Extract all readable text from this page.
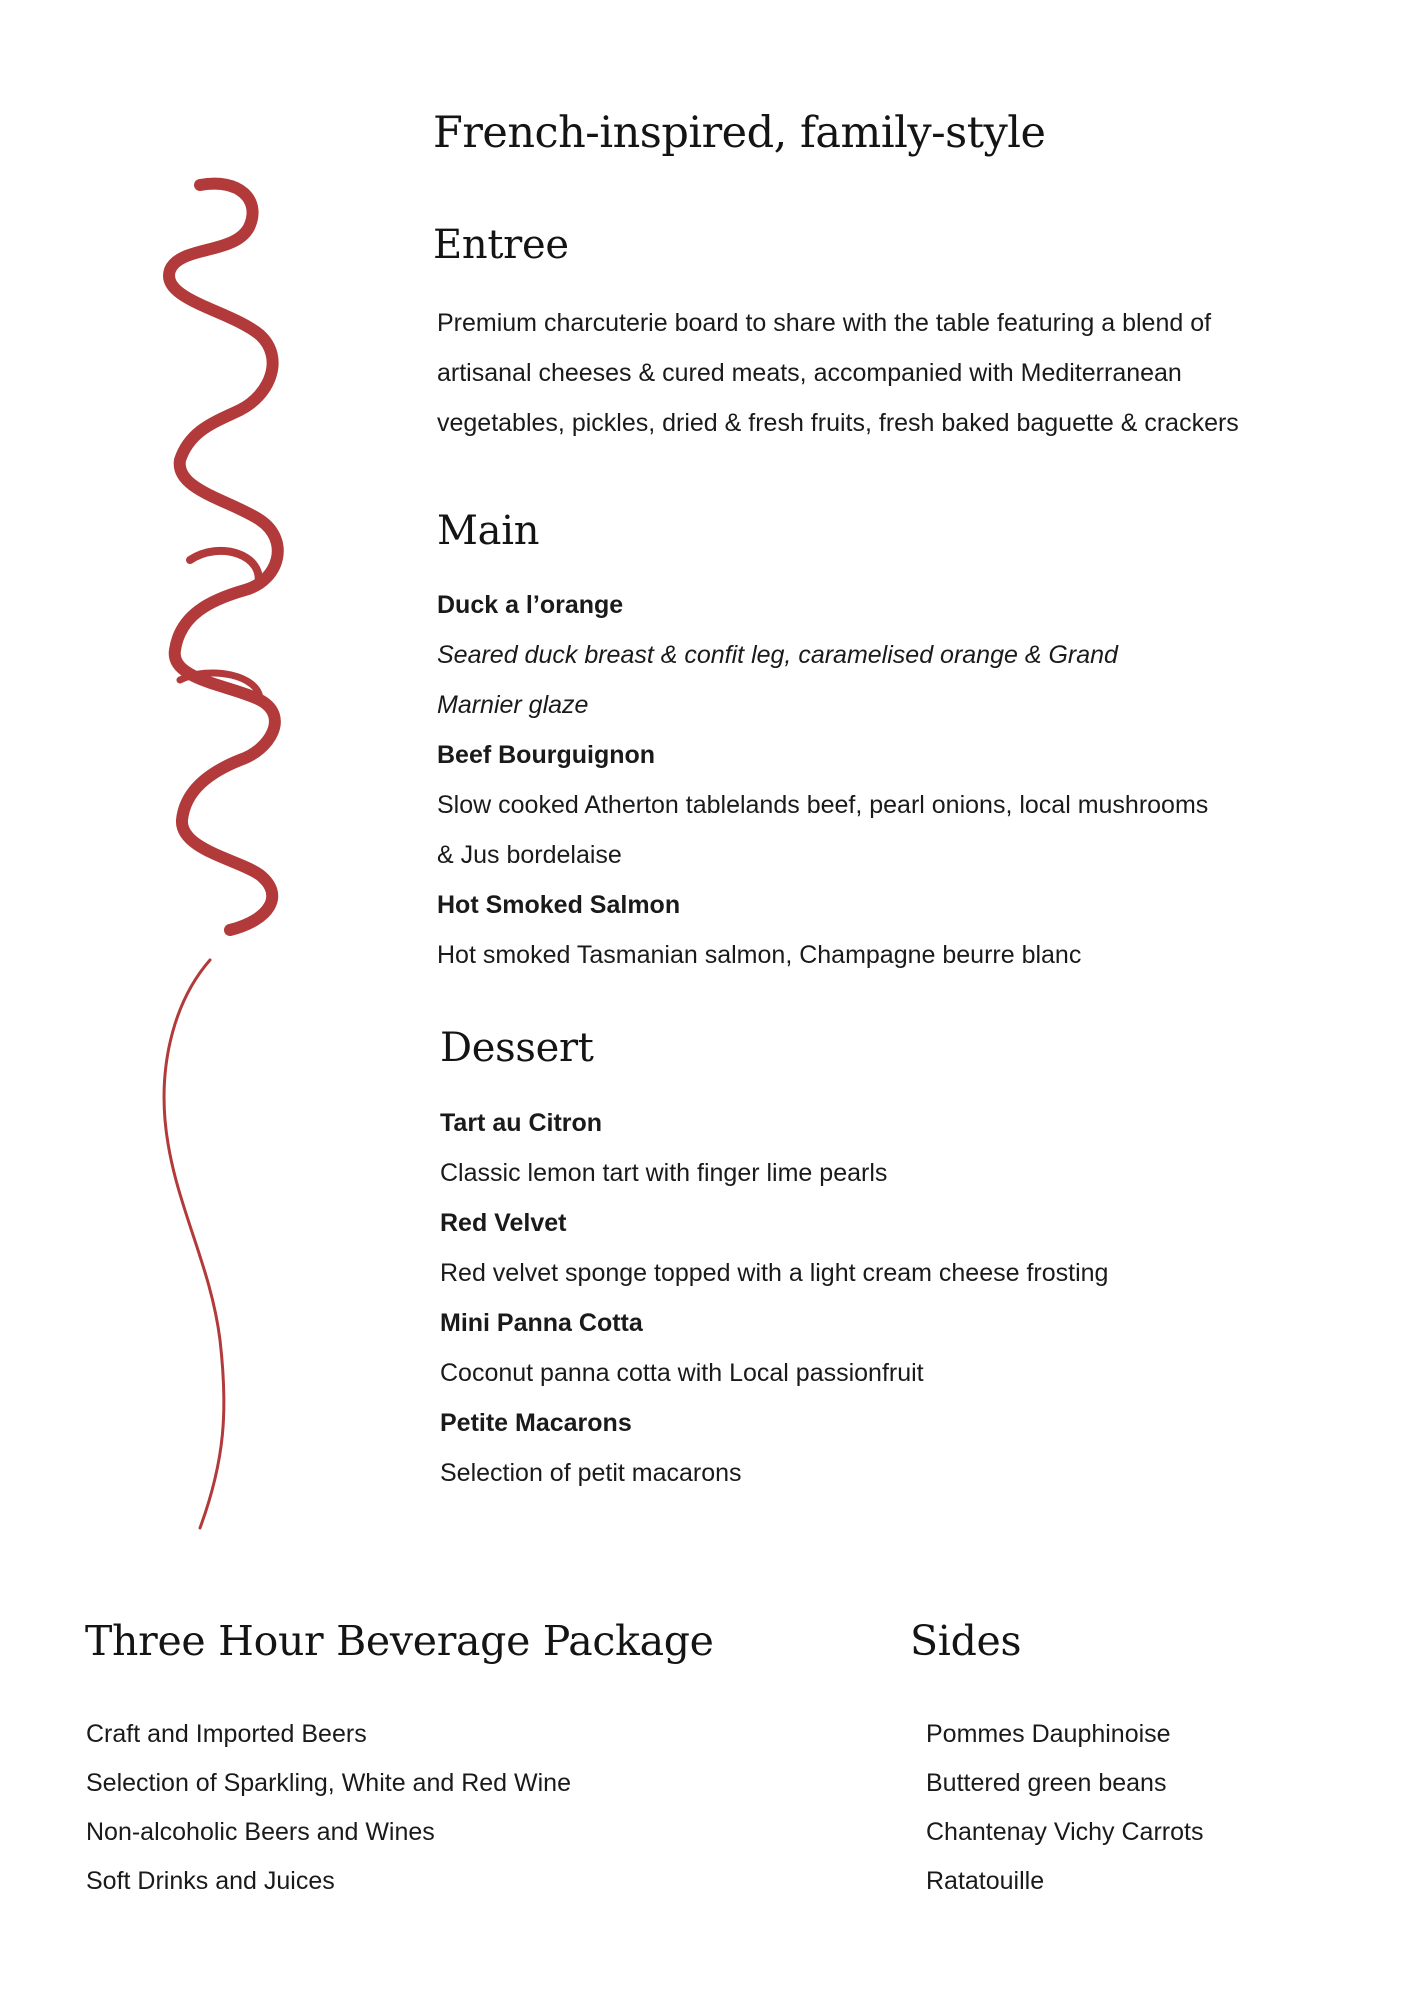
menu
French-inspired, family-style
Entree

Premium charcuterie board to share with the table featuring a blend of

artisanal cheeses & cured meats, accompanied with Mediterranean

vegetables, pickles, dried & fresh fruits, fresh baked baguette & crackers

Main

Duck a l’orange

Seared duck breast & confit leg, caramelised orange & Grand

Marnier glaze

Beef Bourguignon

Slow cooked Atherton tablelands beef, pearl onions, local mushrooms

& Jus bordelaise

Hot Smoked Salmon

Hot smoked Tasmanian salmon, Champagne beurre blanc

Dessert

Tart au Citron

Classic lemon tart with finger lime pearls

Red Velvet

Red velvet sponge topped with a light cream cheese frosting

Mini Panna Cotta

Coconut panna cotta with Local passionfruit

Petite Macarons

Selection of petit macarons

Three Hour Beverage Package
Craft and Imported Beers
Selection of Sparkling, White and Red Wine
Non-alcoholic Beers and Wines
Soft Drinks and Juices
Sides
Pommes Dauphinoise
Buttered green beans
Chantenay Vichy Carrots
Ratatouille
